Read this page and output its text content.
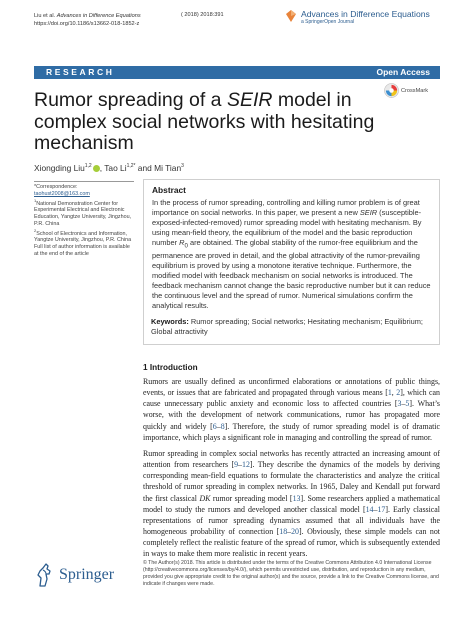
Liu et al. Advances in Difference Equations
https://doi.org/10.1186/s13662-018-1852-z
( 2018) 2018:391	Advances in Difference Equations
a SpringerOpen Journal
RESEARCH	Open Access
CrossMark
Rumor spreading of a SEIR model in complex social networks with hesitating mechanism
Xiongding Liu$^{1,2}$ , Tao $Li^{1,2*}$ and Mi Tian$^3$
*Correspondence:
taohust2008@163.com
$^1$National Demonstration Center for Experimental Electrical and Electronic Education, Yangtze University, Jingzhou, P.R. China
$^2$School of Electronics and Information, Yangtze University, Jingzhou, P.R. China
Full list of author information is available at the end of the article
Abstract
In the process of rumor spreading, controlling and killing rumor problem is of great importance on social networks. In this paper, we present a new SEIR (susceptible-exposed-infected-removed) rumor spreading model with hesitating mechanism. By using mean-field theory, the equilibrium of the model and the basic reproduction number $R_0$ are obtained. The global stability of the rumor-free equilibrium and the permanence are proved in detail, and the global attractivity of the rumor-prevailing equilibrium is proved by using a monotone iterative technique. Furthermore, the modified model with feedback mechanism on social networks is introduced. The feedback mechanism cannot change the basic reproductive number but it can reduce the continuous level and the spread of rumor. Numerical simulations confirm the analytical results.
Keywords: Rumor spreading; Social networks; Hesitating mechanism; Equilibrium; Global attractivity
1 Introduction
Rumors are usually defined as unconfirmed elaborations or annotations of public things, events, or issues that are fabricated and propagated through various means [1, 2], which can cause unnecessary public anxiety and economic loss to affected countries [3–5]. What’s worse, with the development of network communications, rumor has propagated more quickly and widely [6–8]. Therefore, the study of rumor spreading model is of dramatic importance, which plays a significant role in managing and controlling the spread of rumor.
Rumor spreading in complex social networks has recently attracted an increasing amount of attention from researchers [9–12]. They describe the dynamics of the models by deriving corresponding mean-field equations to formulate the characteristics and analyze the critical threshold of rumor spreading in complex networks. In 1965, Daley and Kendall put forward the first classical DK rumor spreading model [13]. Some researchers applied a mathematical model to study the rumors and developed another classical model [14–17]. Early classical representations of rumor spreading dynamics assumed that all individuals have the homogeneous probability of connection [18–20]. Obviously, these simple models can not completely reflect the realistic feature of the spread of rumor, which is subsequently extended in ways to make them more realistic in recent years.
Springer
© The Author(s) 2018. This article is distributed under the terms of the Creative Commons Attribution 4.0 International License (http://creativecommons.org/licenses/by/4.0/), which permits unrestricted use, distribution, and reproduction in any medium, provided you give appropriate credit to the original author(s) and the source, provide a link to the Creative Commons license, and indicate if changes were made.
